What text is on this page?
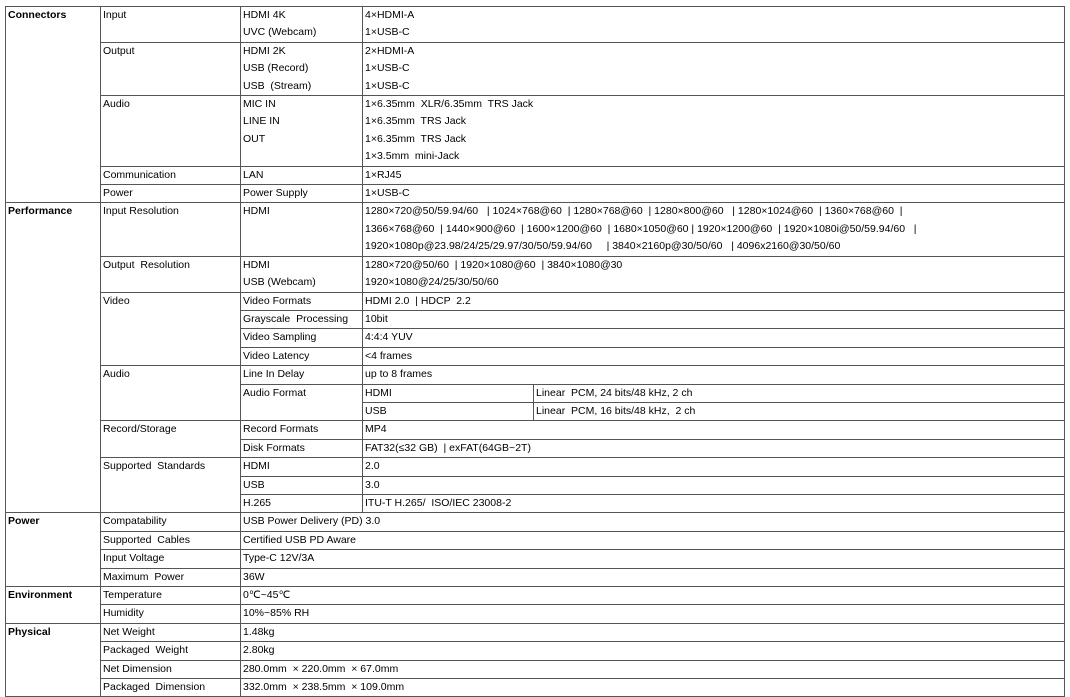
Connectors	Input	HDMI 4K	4×HDMI-A
		UVC (Webcam)	1×USB-C
	Output	HDMI 2K	2×HDMI-A
		USB (Record)	1×USB-C
		USB  (Stream)	1×USB-C
	Audio	MIC IN	1×6.35mm  XLR/6.35mm  TRS Jack
		LINE IN	1×6.35mm  TRS Jack
		OUT	1×6.35mm  TRS Jack
			1×3.5mm  mini-Jack
	Communication	LAN	1×RJ45
	Power	Power Supply	1×USB-C
Performance	Input Resolution	HDMI	1280×720@50/59.94/60   | 1024×768@60  | 1280×768@60  | 1280×800@60   | 1280×1024@60  | 1360×768@60  |	
			1366×768@60  | 1440×900@60  | 1600×1200@60  | 1680×1050@60 | 1920×1200@60  | 1920×1080i@50/59.94/60   |	
			1920×1080p@23.98/24/25/29.97/30/50/59.94/60     | 3840×2160p@30/50/60   | 4096x2160@30/50/60	
	Output  Resolution	HDMI	1280×720@50/60  | 1920×1080@60  | 3840×1080@30	
		USB (Webcam)	1920×1080@24/25/30/50/60	
	Video	Video Formats	HDMI 2.0  | HDCP  2.2	
		Grayscale  Processing	10bit	
		Video Sampling	4:4:4 YUV	
		Video Latency	<4 frames	
	Audio	Line In Delay	up to 8 frames	
		Audio Format	HDMI	Linear  PCM, 24 bits/48 kHz, 2 ch
			USB	Linear  PCM, 16 bits/48 kHz,  2 ch
	Record/Storage	Record Formats	MP4	
		Disk Formats	FAT32(≤32 GB)  | exFAT(64GB~2T)	
	Supported  Standards	HDMI	2.0	
		USB	3.0	
		H.265	ITU-T H.265/  ISO/IEC 23008-2	
Power	Compatability	USB Power Delivery (PD) 3.0		
	Supported  Cables	Certified USB PD Aware		
	Input Voltage	Type-C 12V/3A		
	Maximum  Power	36W		
Environment	Temperature	0℃~45℃		
	Humidity	10%~85% RH		
Physical	Net Weight	1.48kg		
	Packaged  Weight	2.80kg		
	Net Dimension	280.0mm  × 220.0mm  × 67.0mm		
	Packaged  Dimension	332.0mm  × 238.5mm  × 109.0mm		
